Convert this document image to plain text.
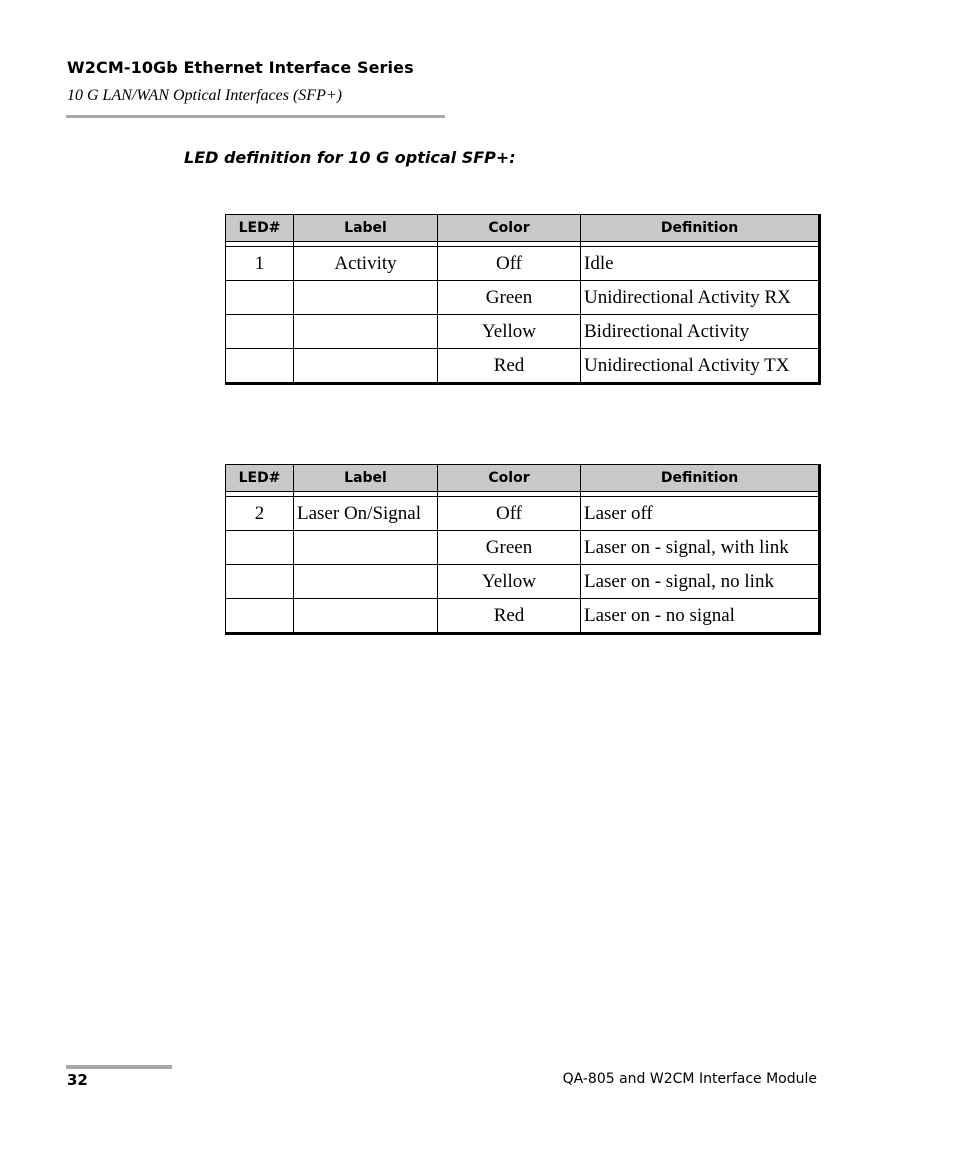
W2CM-10Gb Ethernet Interface Series
10 G LAN/WAN Optical Interfaces (SFP+)
LED definition for 10 G optical SFP+:
LED#	Label	Color	Definition

1	Activity	Off	Idle
		Green	Unidirectional Activity RX
		Yellow	Bidirectional Activity
		Red	Unidirectional Activity TX
LED#	Label	Color	Definition

2	Laser On/Signal	Off	Laser off
		Green	Laser on - signal, with link
		Yellow	Laser on - signal, no link
		Red	Laser on - no signal
32	QA-805 and W2CM Interface Module
